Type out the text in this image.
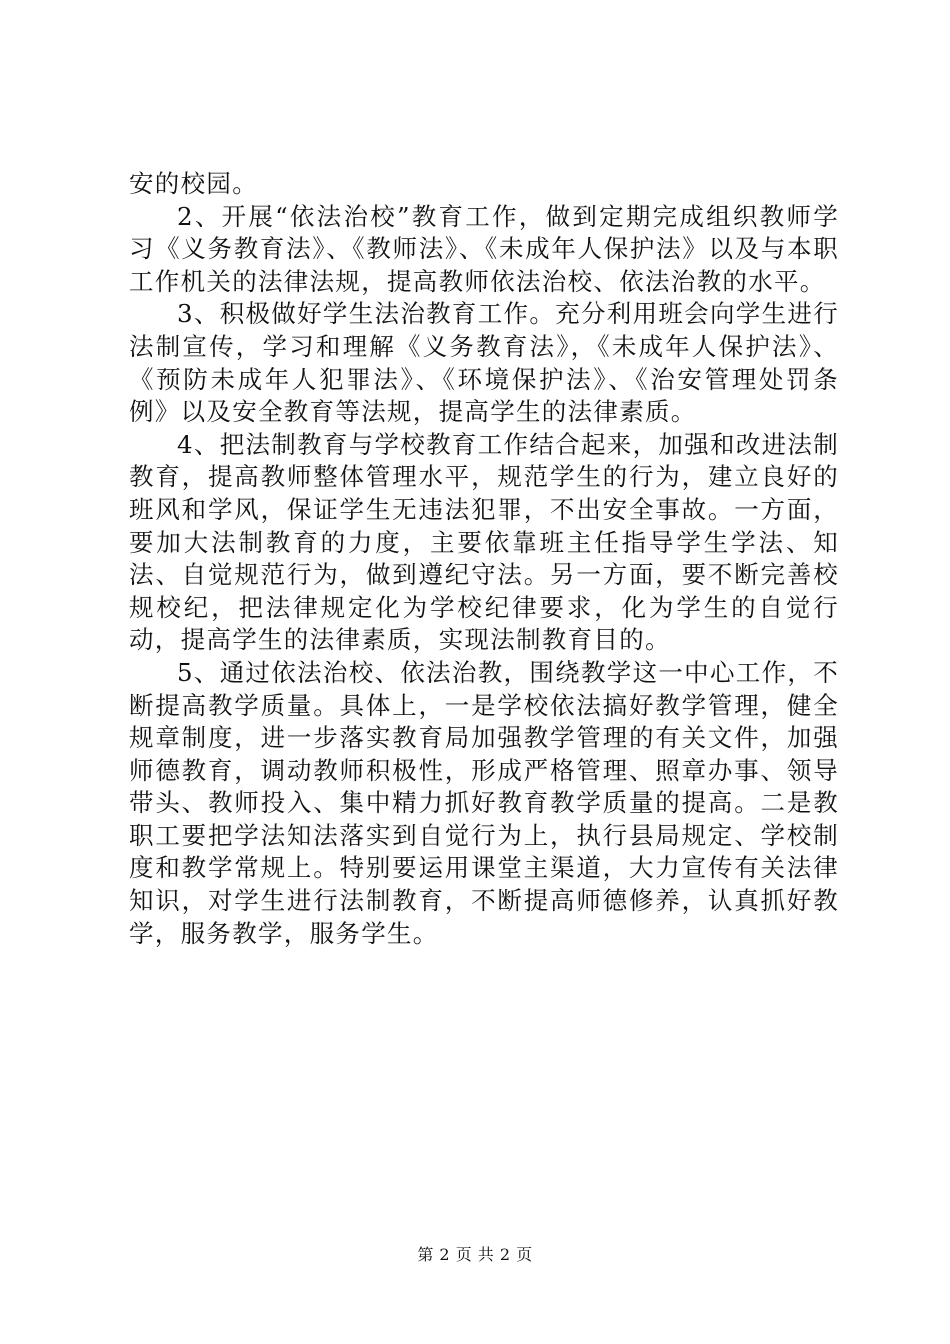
安的校园。

2、开展“依法治校”教育工作，做到定期完成组织教师学习《义务教育法》、《教师法》、《未成年人保护法》以及与本职工作机关的法律法规，提高教师依法治校、依法治教的水平。

3、积极做好学生法治教育工作。充分利用班会向学生进行法制宣传，学习和理解《义务教育法》，《未成年人保护法》、《预防未成年人犯罪法》、《环境保护法》、《治安管理处罚条例》以及安全教育等法规，提高学生的法律素质。

4、把法制教育与学校教育工作结合起来，加强和改进法制教育，提高教师整体管理水平，规范学生的行为，建立良好的班风和学风，保证学生无违法犯罪，不出安全事故。一方面，要加大法制教育的力度，主要依靠班主任指导学生学法、知法、自觉规范行为，做到遵纪守法。另一方面，要不断完善校规校纪，把法律规定化为学校纪律要求，化为学生的自觉行动，提高学生的法律素质，实现法制教育目的。

5、通过依法治校、依法治教，围绕教学这一中心工作，不断提高教学质量。具体上，一是学校依法搞好教学管理，健全规章制度，进一步落实教育局加强教学管理的有关文件，加强师德教育，调动教师积极性，形成严格管理、照章办事、领导带头、教师投入、集中精力抓好教育教学质量的提高。二是教职工要把学法知法落实到自觉行为上，执行县局规定、学校制度和教学常规上。特别要运用课堂主渠道，大力宣传有关法律知识，对学生进行法制教育，不断提高师德修养，认真抓好教学，服务教学，服务学生。

第 2 页 共 2 页
